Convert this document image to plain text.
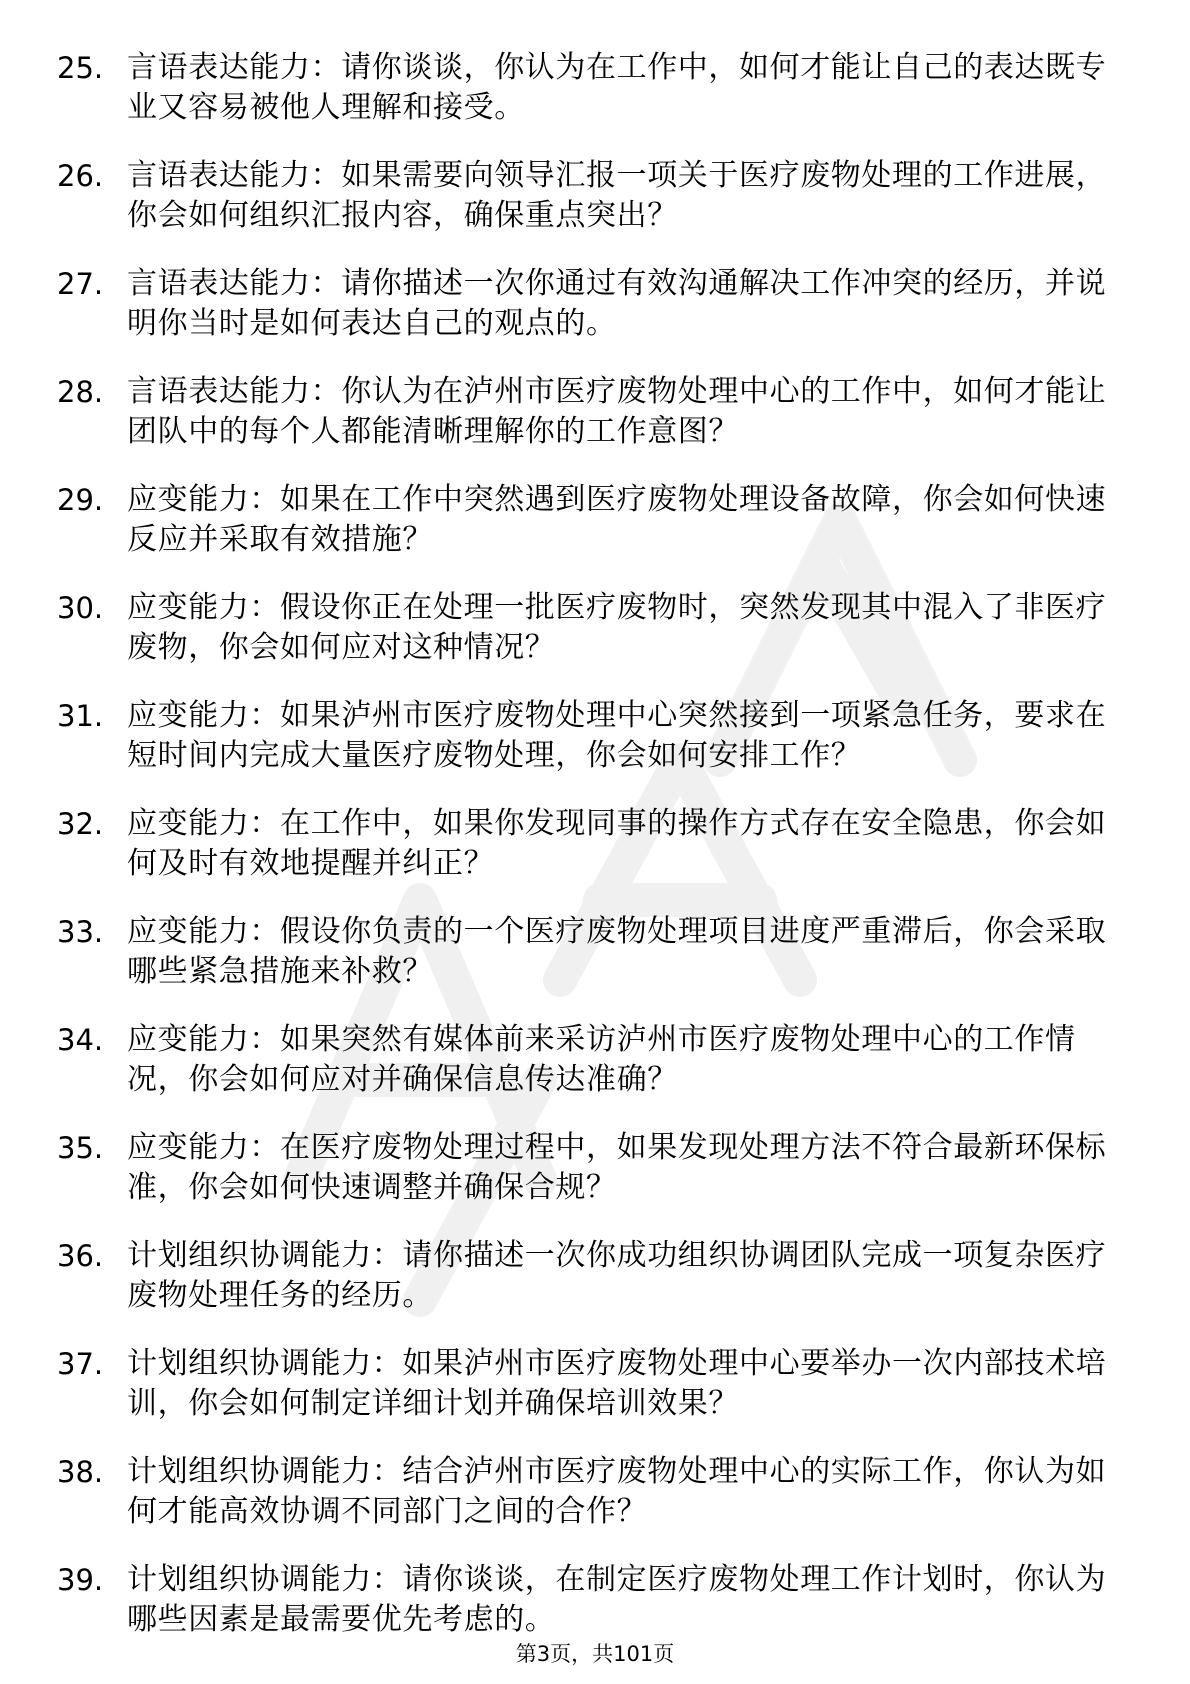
25. 言语表达能力：请你谈谈，你认为在工作中，如何才能让自己的表达既专业又容易被他人理解和接受。
26. 言语表达能力：如果需要向领导汇报一项关于医疗废物处理的工作进展，你会如何组织汇报内容，确保重点突出？
27. 言语表达能力：请你描述一次你通过有效沟通解决工作冲突的经历，并说明你当时是如何表达自己的观点的。
28. 言语表达能力：你认为在泸州市医疗废物处理中心的工作中，如何才能让团队中的每个人都能清晰理解你的工作意图？
29. 应变能力：如果在工作中突然遇到医疗废物处理设备故障，你会如何快速反应并采取有效措施？
30. 应变能力：假设你正在处理一批医疗废物时，突然发现其中混入了非医疗废物，你会如何应对这种情况？
31. 应变能力：如果泸州市医疗废物处理中心突然接到一项紧急任务，要求在短时间内完成大量医疗废物处理，你会如何安排工作？
32. 应变能力：在工作中，如果你发现同事的操作方式存在安全隐患，你会如何及时有效地提醒并纠正？
33. 应变能力：假设你负责的一个医疗废物处理项目进度严重滞后，你会采取哪些紧急措施来补救？
34. 应变能力：如果突然有媒体前来采访泸州市医疗废物处理中心的工作情况，你会如何应对并确保信息传达准确？
35. 应变能力：在医疗废物处理过程中，如果发现处理方法不符合最新环保标准，你会如何快速调整并确保合规？
36. 计划组织协调能力：请你描述一次你成功组织协调团队完成一项复杂医疗废物处理任务的经历。
37. 计划组织协调能力：如果泸州市医疗废物处理中心要举办一次内部技术培训，你会如何制定详细计划并确保培训效果？
38. 计划组织协调能力：结合泸州市医疗废物处理中心的实际工作，你认为如何才能高效协调不同部门之间的合作？
39. 计划组织协调能力：请你谈谈，在制定医疗废物处理工作计划时，你认为哪些因素是最需要优先考虑的。
第3页，共101页
